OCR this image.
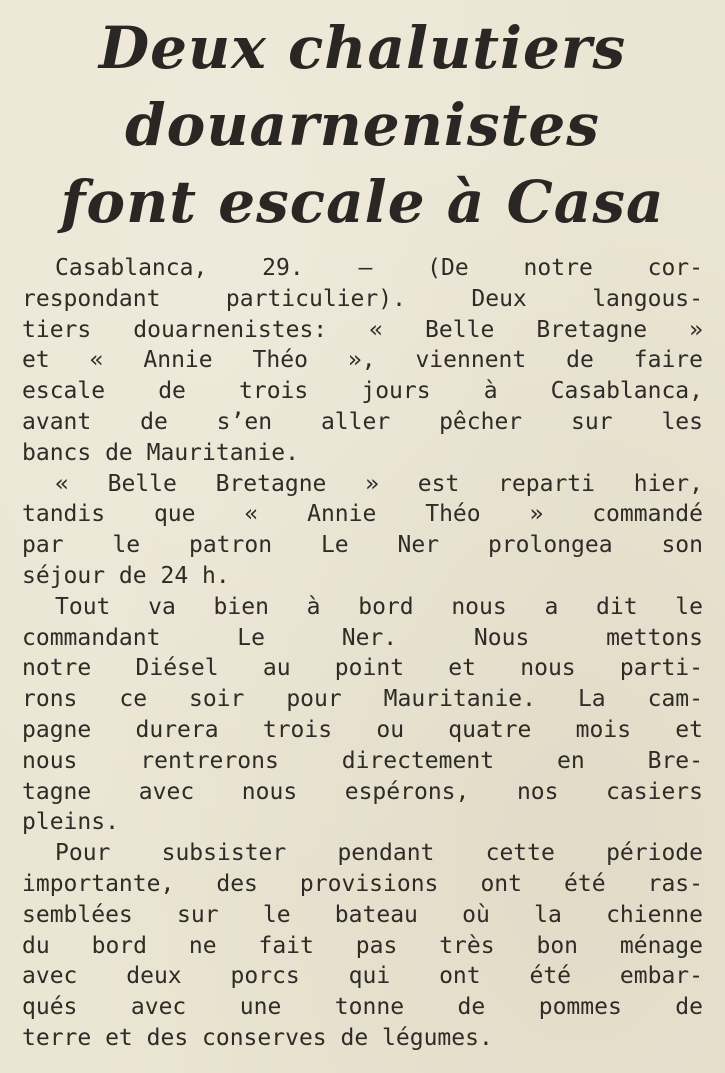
Deux chalutiers
douarnenistes
font escale à Casa

Casablanca, 29. — (De notre cor-
respondant particulier). Deux langous-
tiers douarnenistes: « Belle Bretagne »
et « Annie Théo », viennent de faire
escale de trois jours à Casablanca,
avant de s’en aller pêcher sur les
bancs de Mauritanie.

« Belle Bretagne » est reparti hier,
tandis que « Annie Théo » commandé
par le patron Le Ner prolongea son
séjour de 24 h.

Tout va bien à bord nous a dit le
commandant Le Ner. Nous mettons
notre Diésel au point et nous parti-
rons ce soir pour Mauritanie. La cam-
pagne durera trois ou quatre mois et
nous rentrerons directement en Bre-
tagne avec nous espérons, nos casiers
pleins.

Pour subsister pendant cette période
importante, des provisions ont été ras-
semblées sur le bateau où la chienne
du bord ne fait pas très bon ménage
avec deux porcs qui ont été embar-
qués avec une tonne de pommes de
terre et des conserves de légumes.
